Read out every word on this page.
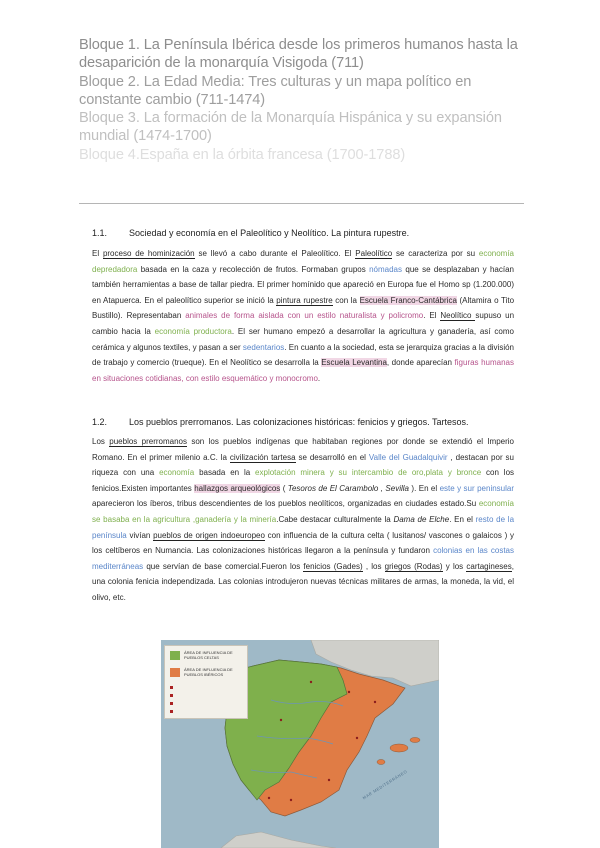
Bloque 1. La Península Ibérica desde los primeros humanos hasta la desaparición de la monarquía Visigoda (711)
Bloque 2. La Edad Media: Tres culturas y un mapa político en constante cambio (711-1474)
Bloque 3. La formación de la Monarquía Hispánica y su expansión mundial (1474-1700)
Bloque 4.España en la órbita francesa (1700-1788)
1.1. Sociedad y economía en el Paleolítico y Neolítico. La pintura rupestre.
El proceso de hominización se llevó a cabo durante el Paleolítico. El Paleolítico se caracteriza por su economía depredadora basada en la caza y recolección de frutos. Formaban grupos nómadas que se desplazaban y hacían también herramientas a base de tallar piedra. El primer homínido que apareció en Europa fue el Homo sp (1.200.000) en Atapuerca. En el paleolítico superior se inició la pintura rupestre con la Escuela Franco-Cantábrica (Altamira o Tito Bustillo). Representaban animales de forma aislada con un estilo naturalista y policromo. El Neolítico supuso un cambio hacia la economía productora. El ser humano empezó a desarrollar la agricultura y ganadería, así como cerámica y algunos textiles, y pasan a ser sedentarios. En cuanto a la sociedad, esta se jerarquiza gracias a la división de trabajo y comercio (trueque). En el Neolítico se desarrolla la Escuela Levantina, donde aparecían figuras humanas en situaciones cotidianas, con estilo esquemático y monocromo.
1.2. Los pueblos prerromanos. Las colonizaciones históricas: fenicios y griegos. Tartesos.
Los pueblos prerromanos son los pueblos indígenas que habitaban regiones por donde se extendió el Imperio Romano. En el primer milenio a.C. la civilización tartesa se desarrolló en el Valle del Guadalquivir , destacan por su riqueza con una economía basada en la explotación minera y su intercambio de oro,plata y bronce con los fenicios.Existen importantes hallazgos arqueológicos ( Tesoros de El Carambolo , Sevilla ). En el este y sur peninsular aparecieron los íberos, tribus descendientes de los pueblos neolíticos, organizadas en ciudades estado.Su economía se basaba en la agricultura ,ganadería y la minería.Cabe destacar culturalmente la Dama de Elche. En el resto de la península vivían pueblos de origen indoeuropeo con influencia de la cultura celta ( lusitanos/ vascones o galaicos ) y los celtíberos en Numancia. Las colonizaciones históricas llegaron a la península y fundaron colonias en las costas mediterráneas que servían de base comercial.Fueron los fenicios (Gades) , los griegos (Rodas) y los cartagineses, una colonia fenicia independizada. Las colonias introdujeron nuevas técnicas militares de armas, la moneda, la vid, el olivo, etc.
ÁREA DE INFLUENCIA DE PUEBLOS CELTAS
ÁREA DE INFLUENCIA DE PUEBLOS IBÉRICOS
MAR MEDITERRÁNEO
